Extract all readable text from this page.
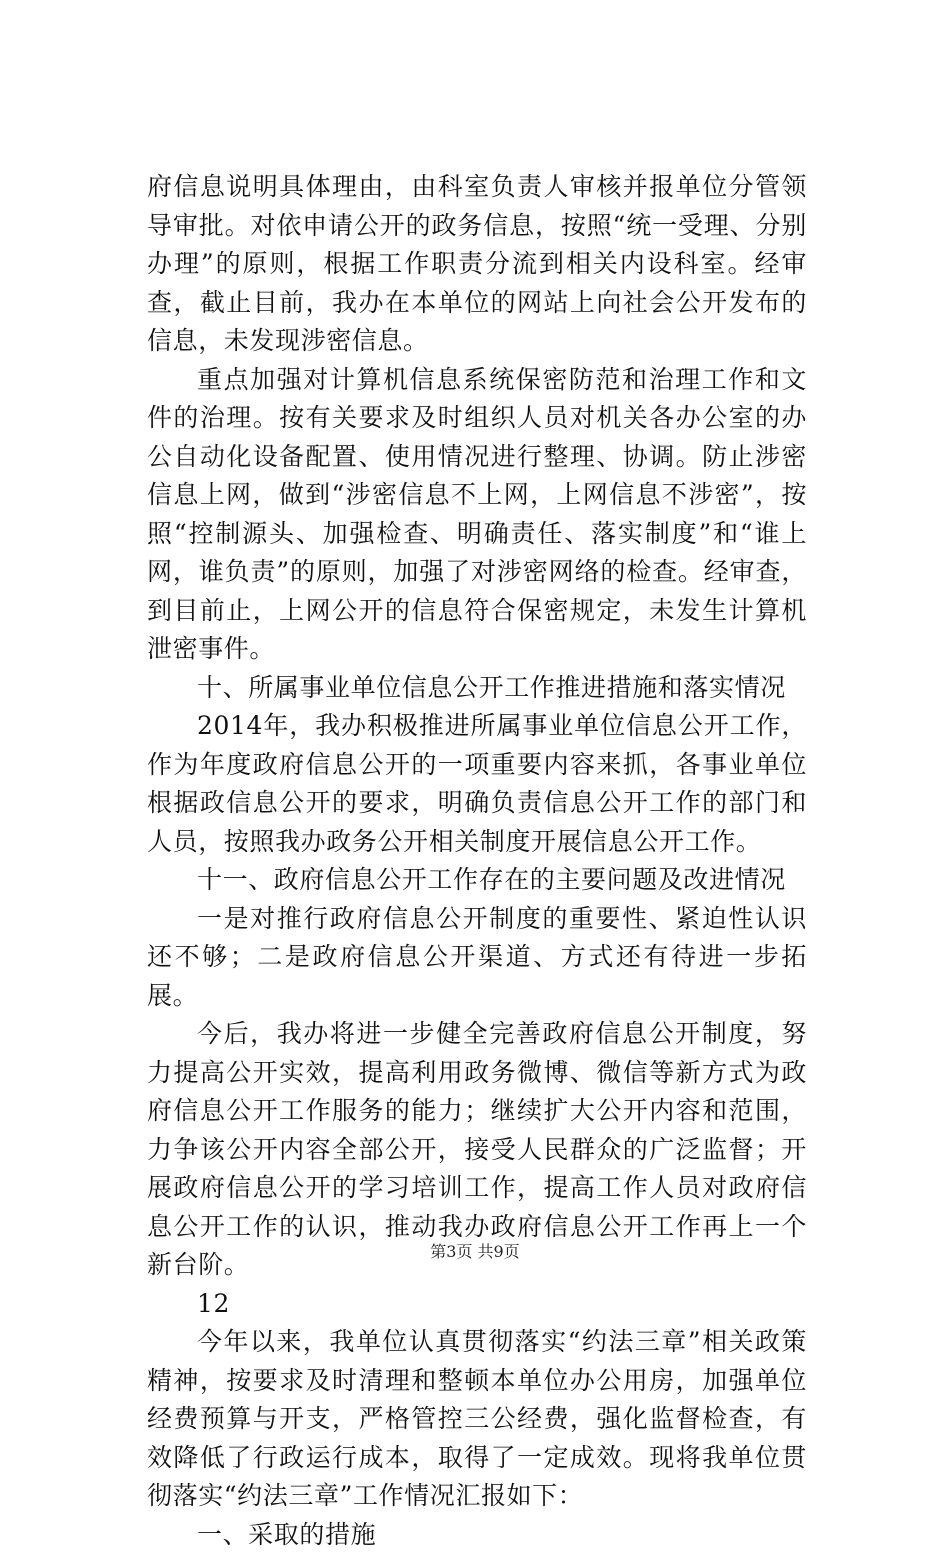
府信息说明具体理由，由科室负责人审核并报单位分管领导审批。对依申请公开的政务信息，按照“统一受理、分别办理”的原则，根据工作职责分流到相关内设科室。经审查，截止目前，我办在本单位的网站上向社会公开发布的信息，未发现涉密信息。

重点加强对计算机信息系统保密防范和治理工作和文件的治理。按有关要求及时组织人员对机关各办公室的办公自动化设备配置、使用情况进行整理、协调。防止涉密信息上网，做到“涉密信息不上网，上网信息不涉密”，按照“控制源头、加强检查、明确责任、落实制度”和“谁上网，谁负责”的原则，加强了对涉密网络的检查。经审查，到目前止，上网公开的信息符合保密规定，未发生计算机泄密事件。

十、所属事业单位信息公开工作推进措施和落实情况

2014年，我办积极推进所属事业单位信息公开工作，作为年度政府信息公开的一项重要内容来抓，各事业单位根据政信息公开的要求，明确负责信息公开工作的部门和人员，按照我办政务公开相关制度开展信息公开工作。

十一、政府信息公开工作存在的主要问题及改进情况

一是对推行政府信息公开制度的重要性、紧迫性认识还不够；二是政府信息公开渠道、方式还有待进一步拓展。

今后，我办将进一步健全完善政府信息公开制度，努力提高公开实效，提高利用政务微博、微信等新方式为政府信息公开工作服务的能力；继续扩大公开内容和范围，力争该公开内容全部公开，接受人民群众的广泛监督；开展政府信息公开的学习培训工作，提高工作人员对政府信息公开工作的认识，推动我办政府信息公开工作再上一个新台阶。

12

今年以来，我单位认真贯彻落实“约法三章”相关政策精神，按要求及时清理和整顿本单位办公用房，加强单位经费预算与开支，严格管控三公经费，强化监督检查，有效降低了行政运行成本，取得了一定成效。现将我单位贯彻落实“约法三章”工作情况汇报如下：

一、采取的措施

第3页 共9页
